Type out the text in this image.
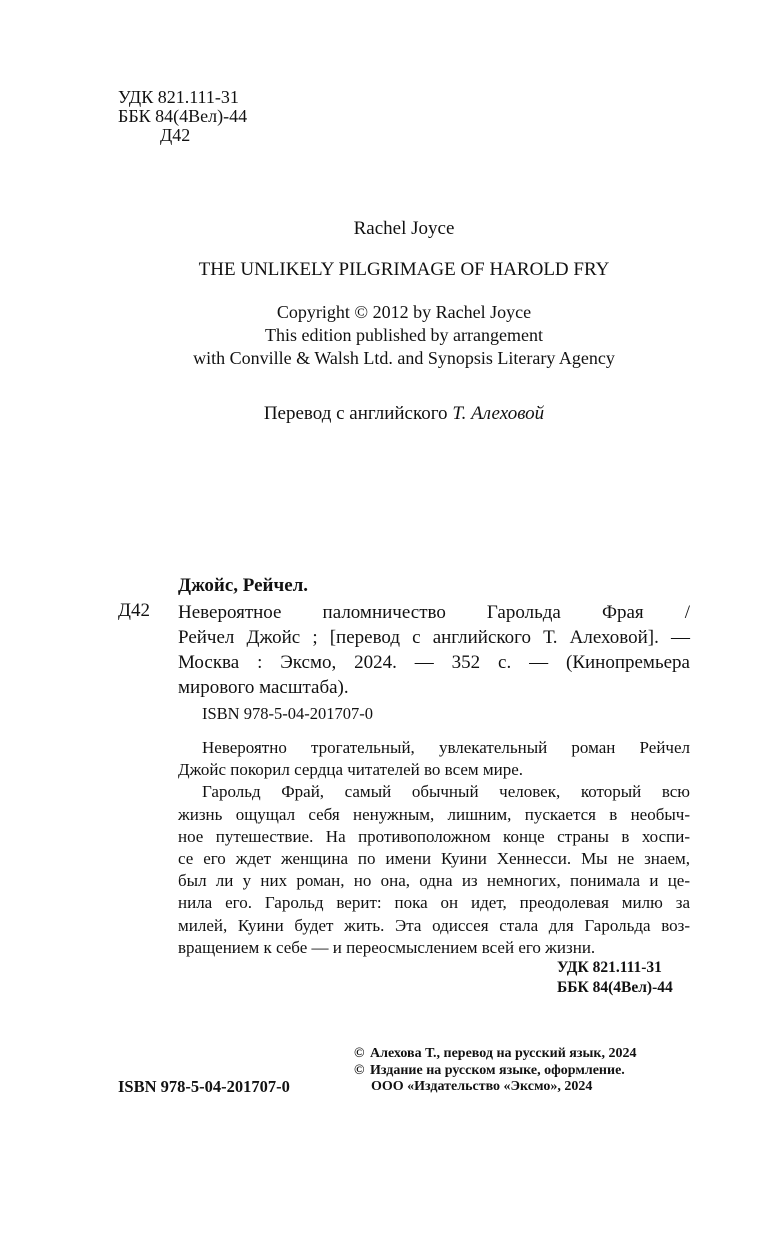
УДК 821.111-31
ББК 84(4Вел)-44
Д42
Rachel Joyce
THE UNLIKELY PILGRIMAGE OF HAROLD FRY
Copyright © 2012 by Rachel Joyce
This edition published by arrangement
with Conville & Walsh Ltd. and Synopsis Literary Agency
Перевод с английского Т. Алеховой
Джойс, Рейчел.
Д42 Невероятное паломничество Гарольда Фрая /
Рейчел Джойс ; [перевод с английского Т. Алеховой]. —
Москва : Эксмо, 2024. — 352 с. — (Кинопремьера
мирового масштаба).
ISBN 978-5-04-201707-0

Невероятно трогательный, увлекательный роман Рейчел

Джойс покорил сердца читателей во всем мире.

Гарольд Фрай, самый обычный человек, который всю

жизнь ощущал себя ненужным, лишним, пускается в необыч-

ное путешествие. На противоположном конце страны в хоспи-

се его ждет женщина по имени Куини Хеннесси. Мы не знаем,

был ли у них роман, но она, одна из немногих, понимала и це-

нила его. Гарольд верит: пока он идет, преодолевая милю за

милей, Куини будет жить. Эта одиссея стала для Гарольда воз-

вращением к себе — и переосмыслением всей его жизни.

УДК 821.111-31
ББК 84(4Вел)-44
© Алехова Т., перевод на русский язык, 2024
© Издание на русском языке, оформление.
ООО «Издательство «Эксмо», 2024
ISBN 978-5-04-201707-0
